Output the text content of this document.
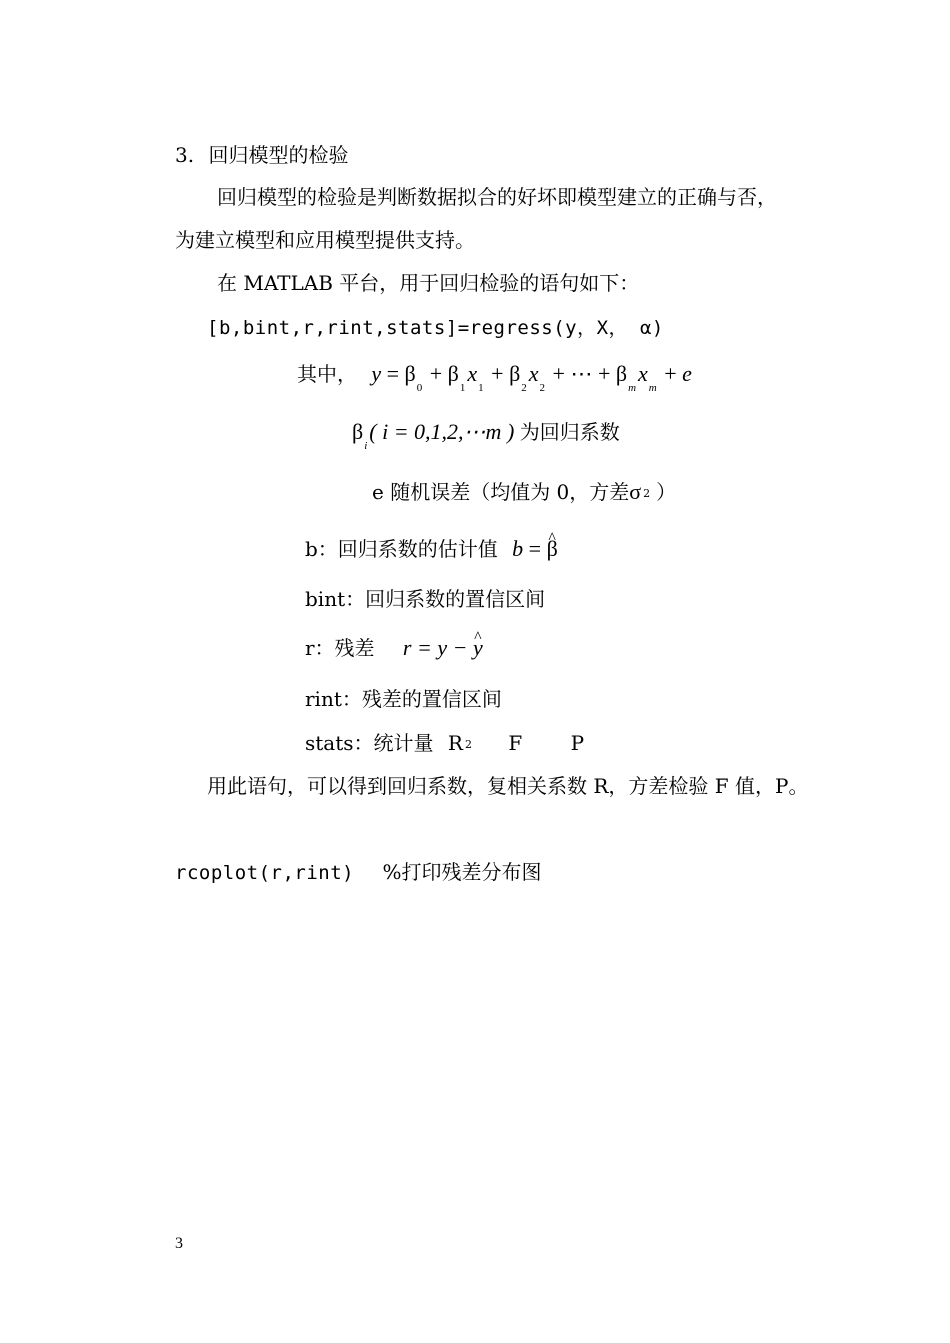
3. 回归模型的检验
回归模型的检验是判断数据拟合的好坏即模型建立的正确与否，
为建立模型和应用模型提供支持。
在 MATLAB 平台，用于回归检验的语句如下：
[b,bint,r,rint,stats]=regress(y，X， α)
其中， $y = \beta_0 + \beta_1x_1 + \beta_2x_2$ + ⋯ + $\beta_mx_m + e$
$\beta_i$( i = 0,1,2,⋯m ) 为回归系数
e 随机误差（均值为 0，方差σ 2 ）
b：回归系数的估计值 b = ^ β
bint：回归系数的置信区间
r：残差 r = y − ^ y
rint：残差的置信区间
stats：统计量 R 2 F P
用此语句，可以得到回归系数，复相关系数 R，方差检验 F 值，P。
rcoplot(r,rint) %打印残差分布图
3
